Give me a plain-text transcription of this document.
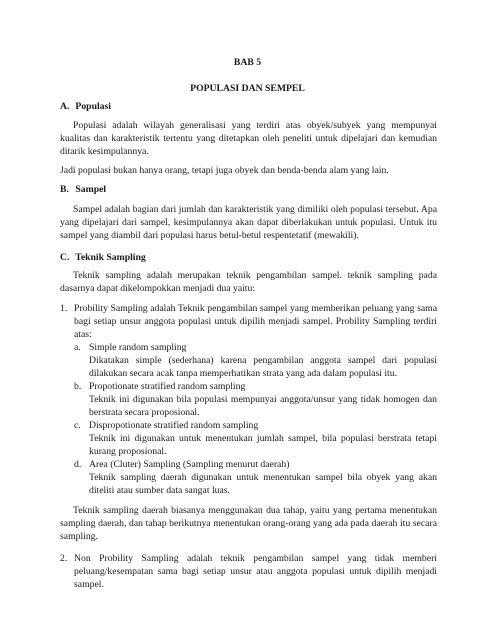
BAB 5
POPULASI DAN SEMPEL
A. Populasi
Populasi adalah wilayah generalisasi yang terdiri atas obyek/subyek yang mempunyai kualitas dan karakteristik tertentu yang ditetapkan oleh peneliti untuk dipelajari dan kemudian ditarik kesimpulannya.
Jadi populasi bukan hanya orang, tetapi juga obyek dan benda-benda alam yang lain.
B. Sampel
Sampel adalah bagian dari jumlah dan karakteristik yang dimiliki oleh populasi tersebut. Apa yang dipelajari dari sampel, kesimpulannya akan dapat diberlakukan untuk populasi. Untuk itu sampel yang diambil dari populasi harus betul-betul respentetatif (mewakili).
C. Teknik Sampling
Teknik sampling adalah merupakan teknik pengambilan sampel. teknik sampling pada dasarnya dapat dikelompokkan menjadi dua yaitu:
1. Probility Sampling adalah Teknik pengambilan sampel yang memberikan peluang yang sama bagi setiap unsur anggota populasi untuk dipilih menjadi sampel. Probility Sampling terdiri atas:
a. Simple random sampling
Dikatakan simple (sederhana) karena pengambilan anggota sampel dari populasi dilakukan secara acak tanpa memperhatikan strata yang ada dalam populasi itu.
b. Propotionate stratified random sampling
Teknik ini digunakan bila populasi mempunyai anggota/unsur yang tidak homogen dan berstrata secara proposional.
c. Dispropotionate stratified random sampling
Teknik ini digunakan untuk menentukan jumlah sampel, bila populasi berstrata tetapi kurang proposional.
d. Area (Cluter) Sampling (Sampling menurut daerah)
Teknik sampling daerah digunakan untuk menentukan sampel bila obyek yang akan diteliti atau sumber data sangat luas.
Teknik sampling daerah biasanya menggunakan dua tahap, yaitu yang pertama menentukan sampling daerah, dan tahap berikutnya menentukan orang-orang yang ada pada daerah itu secara sampling.
2. Non Probility Sampling adalah teknik pengambilan sampel yang tidak memberi peluang/kesempatan sama bagi setiap unsur atau anggota populasi untuk dipilih menjadi sampel.
